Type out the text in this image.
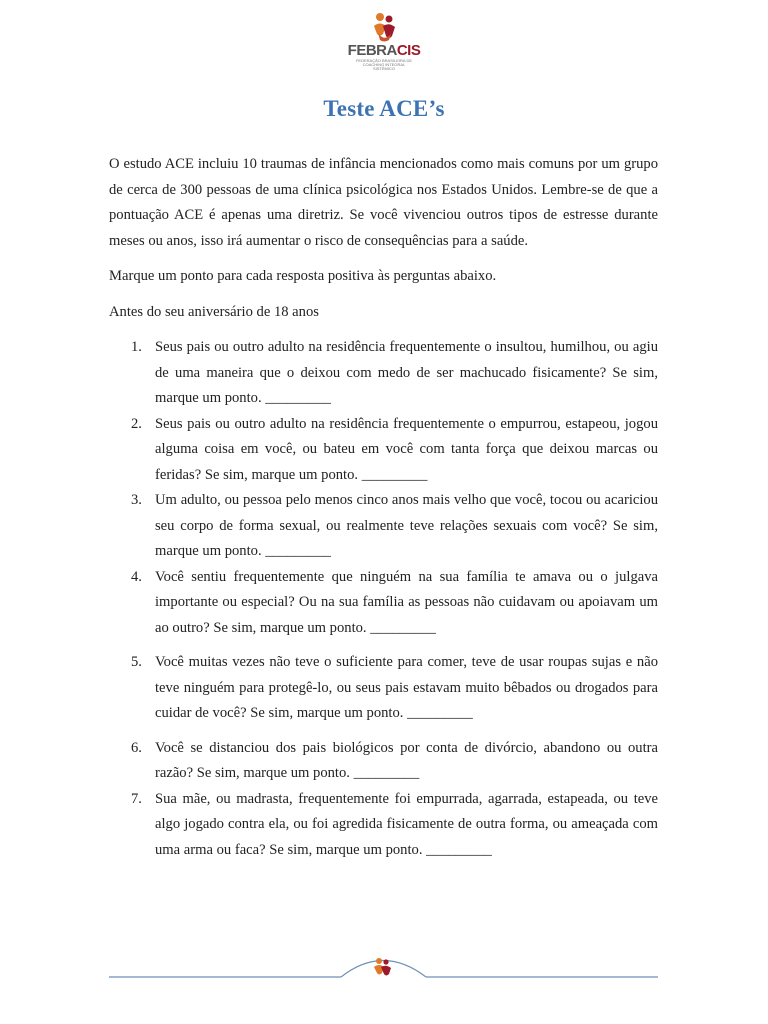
FEBRACIS
FEDERAÇÃO BRASILEIRA DE COACHING INTEGRAL SISTÊMICO
Teste ACE’s

O estudo ACE incluiu 10 traumas de infância mencionados como mais comuns por um grupo de cerca de 300 pessoas de uma clínica psicológica nos Estados Unidos. Lembre-se de que a pontuação ACE é apenas uma diretriz. Se você vivenciou outros tipos de estresse durante meses ou anos, isso irá aumentar o risco de consequências para a saúde.

Marque um ponto para cada resposta positiva às perguntas abaixo.

Antes do seu aniversário de 18 anos

1. Seus pais ou outro adulto na residência frequentemente o insultou, humilhou, ou agiu de uma maneira que o deixou com medo de ser machucado fisicamente? Se sim, marque um ponto. _________
2. Seus pais ou outro adulto na residência frequentemente o empurrou, estapeou, jogou alguma coisa em você, ou bateu em você com tanta força que deixou marcas ou feridas? Se sim, marque um ponto. _________
3. Um adulto, ou pessoa pelo menos cinco anos mais velho que você, tocou ou acariciou seu corpo de forma sexual, ou realmente teve relações sexuais com você? Se sim, marque um ponto. _________
4. Você sentiu frequentemente que ninguém na sua família te amava ou o julgava importante ou especial? Ou na sua família as pessoas não cuidavam ou apoiavam um ao outro? Se sim, marque um ponto. _________
5. Você muitas vezes não teve o suficiente para comer, teve de usar roupas sujas e não teve ninguém para protegê-lo, ou seus pais estavam muito bêbados ou drogados para cuidar de você? Se sim, marque um ponto. _________
6. Você se distanciou dos pais biológicos por conta de divórcio, abandono ou outra razão? Se sim, marque um ponto. _________
7. Sua mãe, ou madrasta, frequentemente foi empurrada, agarrada, estapeada, ou teve algo jogado contra ela, ou foi agredida fisicamente de outra forma, ou ameaçada com uma arma ou faca? Se sim, marque um ponto. _________
